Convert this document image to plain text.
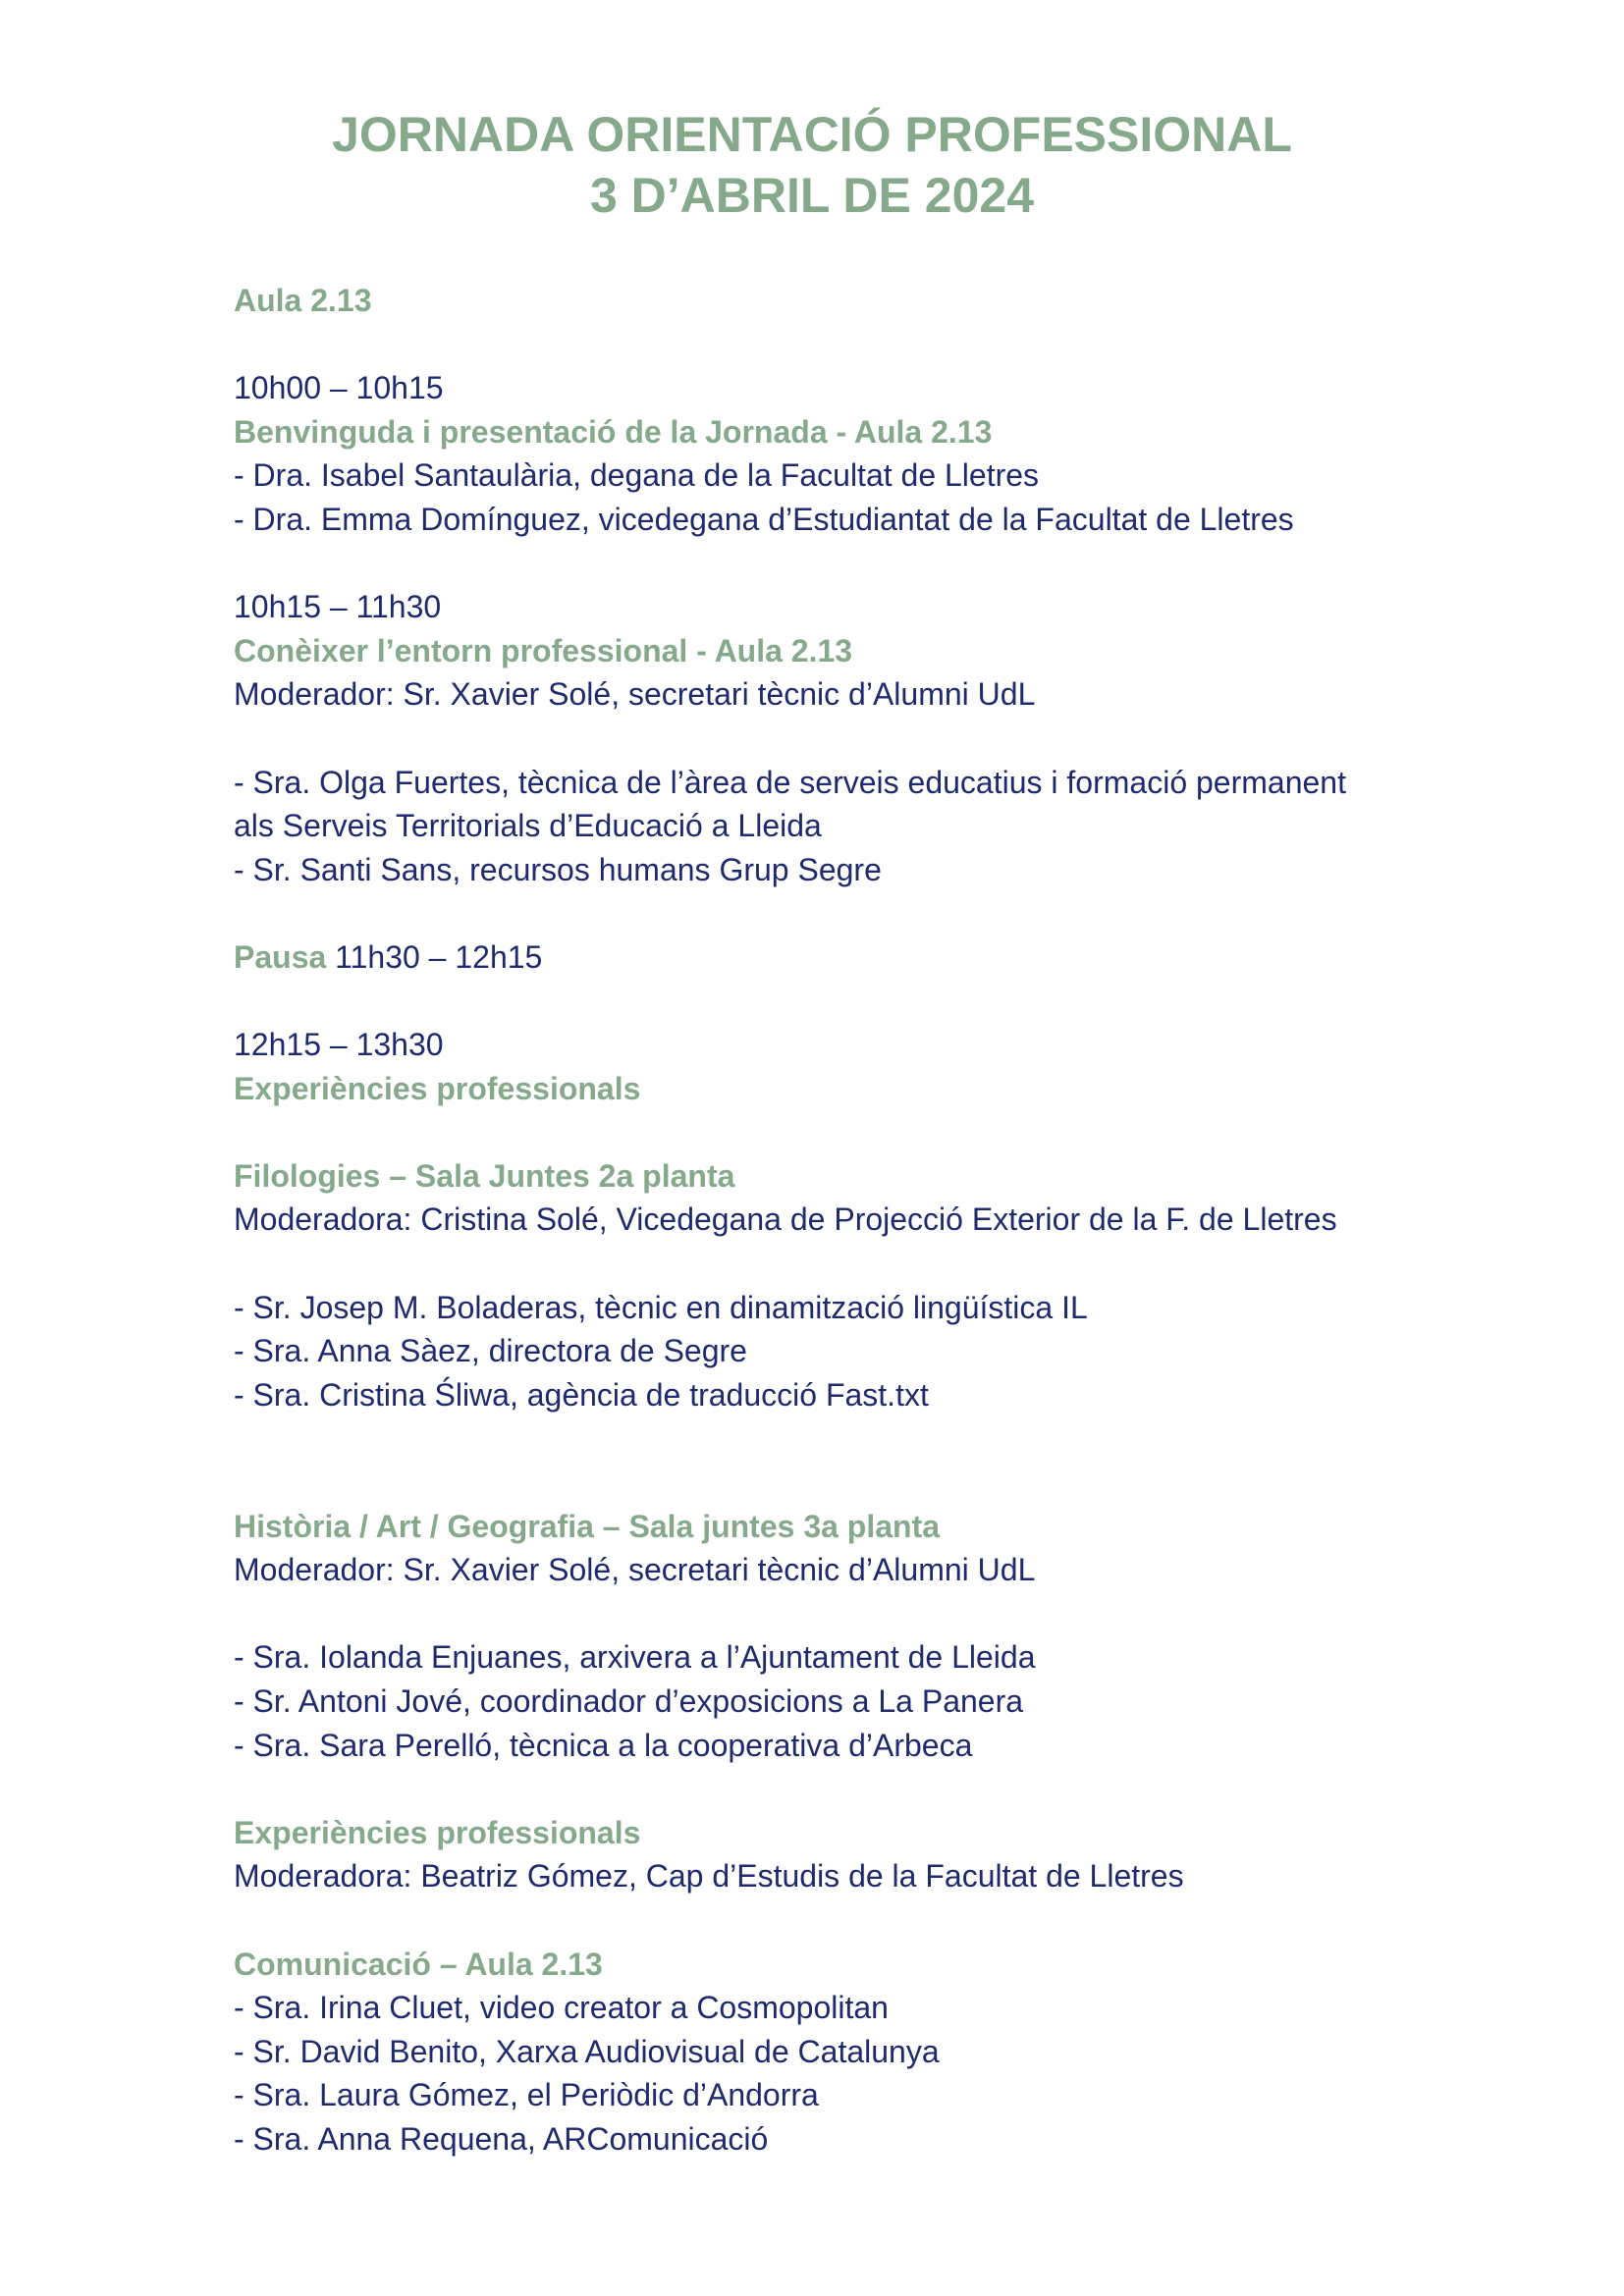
JORNADA ORIENTACIÓ PROFESSIONAL
3 D’ABRIL DE 2024
Aula 2.13
10h00 – 10h15
Benvinguda i presentació de la Jornada - Aula 2.13
- Dra. Isabel Santaulària, degana de la Facultat de Lletres
- Dra. Emma Domínguez, vicedegana d’Estudiantat de la Facultat de Lletres
10h15 – 11h30
Conèixer l’entorn professional - Aula 2.13
Moderador: Sr. Xavier Solé, secretari tècnic d’Alumni UdL
- Sra. Olga Fuertes, tècnica de l’àrea de serveis educatius i formació permanent
als Serveis Territorials d’Educació a Lleida
- Sr. Santi Sans, recursos humans Grup Segre
Pausa 11h30 – 12h15
12h15 – 13h30
Experiències professionals
Filologies – Sala Juntes 2a planta
Moderadora: Cristina Solé, Vicedegana de Projecció Exterior de la F. de Lletres
- Sr. Josep M. Boladeras, tècnic en dinamització lingüística IL
- Sra. Anna Sàez, directora de Segre
- Sra. Cristina Śliwa, agència de traducció Fast.txt
Història / Art / Geografia – Sala juntes 3a planta
Moderador: Sr. Xavier Solé, secretari tècnic d’Alumni UdL
- Sra. Iolanda Enjuanes, arxivera a l’Ajuntament de Lleida
- Sr. Antoni Jové, coordinador d’exposicions a La Panera
- Sra. Sara Perelló, tècnica a la cooperativa d’Arbeca
Experiències professionals
Moderadora: Beatriz Gómez, Cap d’Estudis de la Facultat de Lletres
Comunicació – Aula 2.13
- Sra. Irina Cluet, video creator a Cosmopolitan
- Sr. David Benito, Xarxa Audiovisual de Catalunya
- Sra. Laura Gómez, el Periòdic d’Andorra
- Sra. Anna Requena, ARComunicació
